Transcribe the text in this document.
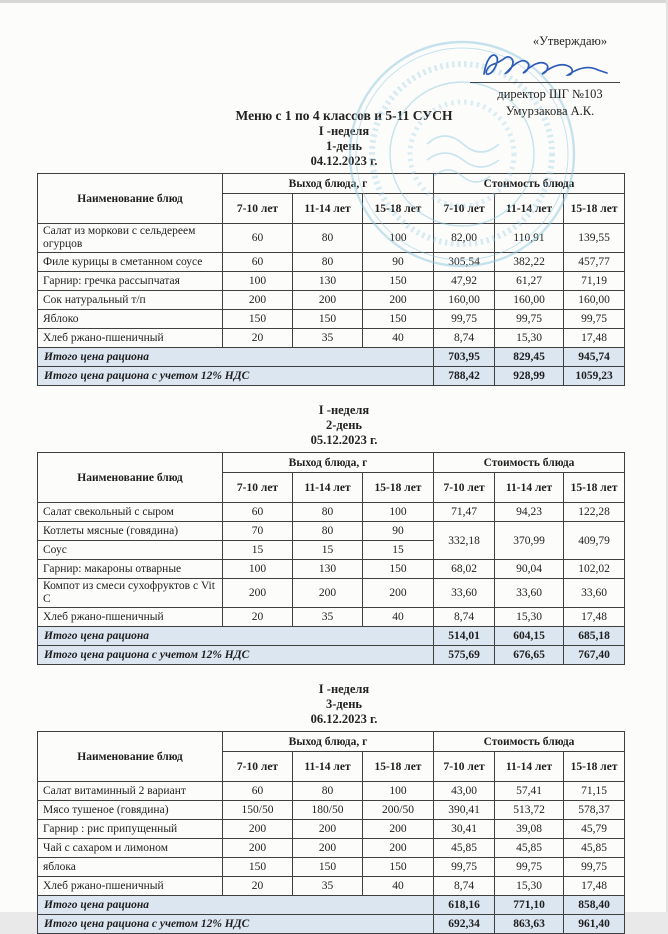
«Утверждаю»
директор ШГ №103
Умурзакова А.К.
Меню с 1 по 4 классов и 5-11 СУСН
I -неделя
1-день
04.12.2023 г.
Наименование блюд	Выход блюда, г			Стоимость блюда		
	7-10 лет	11-14 лет	15-18 лет	7-10 лет	11-14 лет	15-18 лет
Салат из моркови с сельдереем огурцов	60	80	100	82,00	110,91	139,55
Филе курицы в сметанном соусе	60	80	90	305,54	382,22	457,77
Гарнир: гречка рассыпчатая	100	130	150	47,92	61,27	71,19
Сок натуральный т/п	200	200	200	160,00	160,00	160,00
Яблоко	150	150	150	99,75	99,75	99,75
Хлеб ржано-пшеничный	20	35	40	8,74	15,30	17,48
Итого цена рациона				703,95	829,45	945,74
Итого цена рациона с учетом 12% НДС				788,42	928,99	1059,23
I -неделя
2-день
05.12.2023 г.
Наименование блюд	Выход блюда, г			Стоимость блюда		
	7-10 лет	11-14 лет	15-18 лет	7-10 лет	11-14 лет	15-18 лет
Салат свекольный с сыром	60	80	100	71,47	94,23	122,28
Котлеты мясные (говядина)	70	80	90	332,18	370,99	409,79
Соус	15	15	15			
Гарнир: макароны отварные	100	130	150	68,02	90,04	102,02
Компот из смеси сухофруктов с Vit C	200	200	200	33,60	33,60	33,60
Хлеб ржано-пшеничный	20	35	40	8,74	15,30	17,48
Итого цена рациона				514,01	604,15	685,18
Итого цена рациона с учетом 12% НДС				575,69	676,65	767,40
I -неделя
3-день
06.12.2023 г.
Наименование блюд	Выход блюда, г			Стоимость блюда		
	7-10 лет	11-14 лет	15-18 лет	7-10 лет	11-14 лет	15-18 лет
Салат витаминный 2 вариант	60	80	100	43,00	57,41	71,15
Мясо тушеное (говядина)	150/50	180/50	200/50	390,41	513,72	578,37
Гарнир : рис припущенный	200	200	200	30,41	39,08	45,79
Чай с сахаром и лимоном	200	200	200	45,85	45,85	45,85
яблока	150	150	150	99,75	99,75	99,75
Хлеб ржано-пшеничный	20	35	40	8,74	15,30	17,48
Итого цена рациона				618,16	771,10	858,40
Итого цена рациона с учетом 12% НДС				692,34	863,63	961,40
